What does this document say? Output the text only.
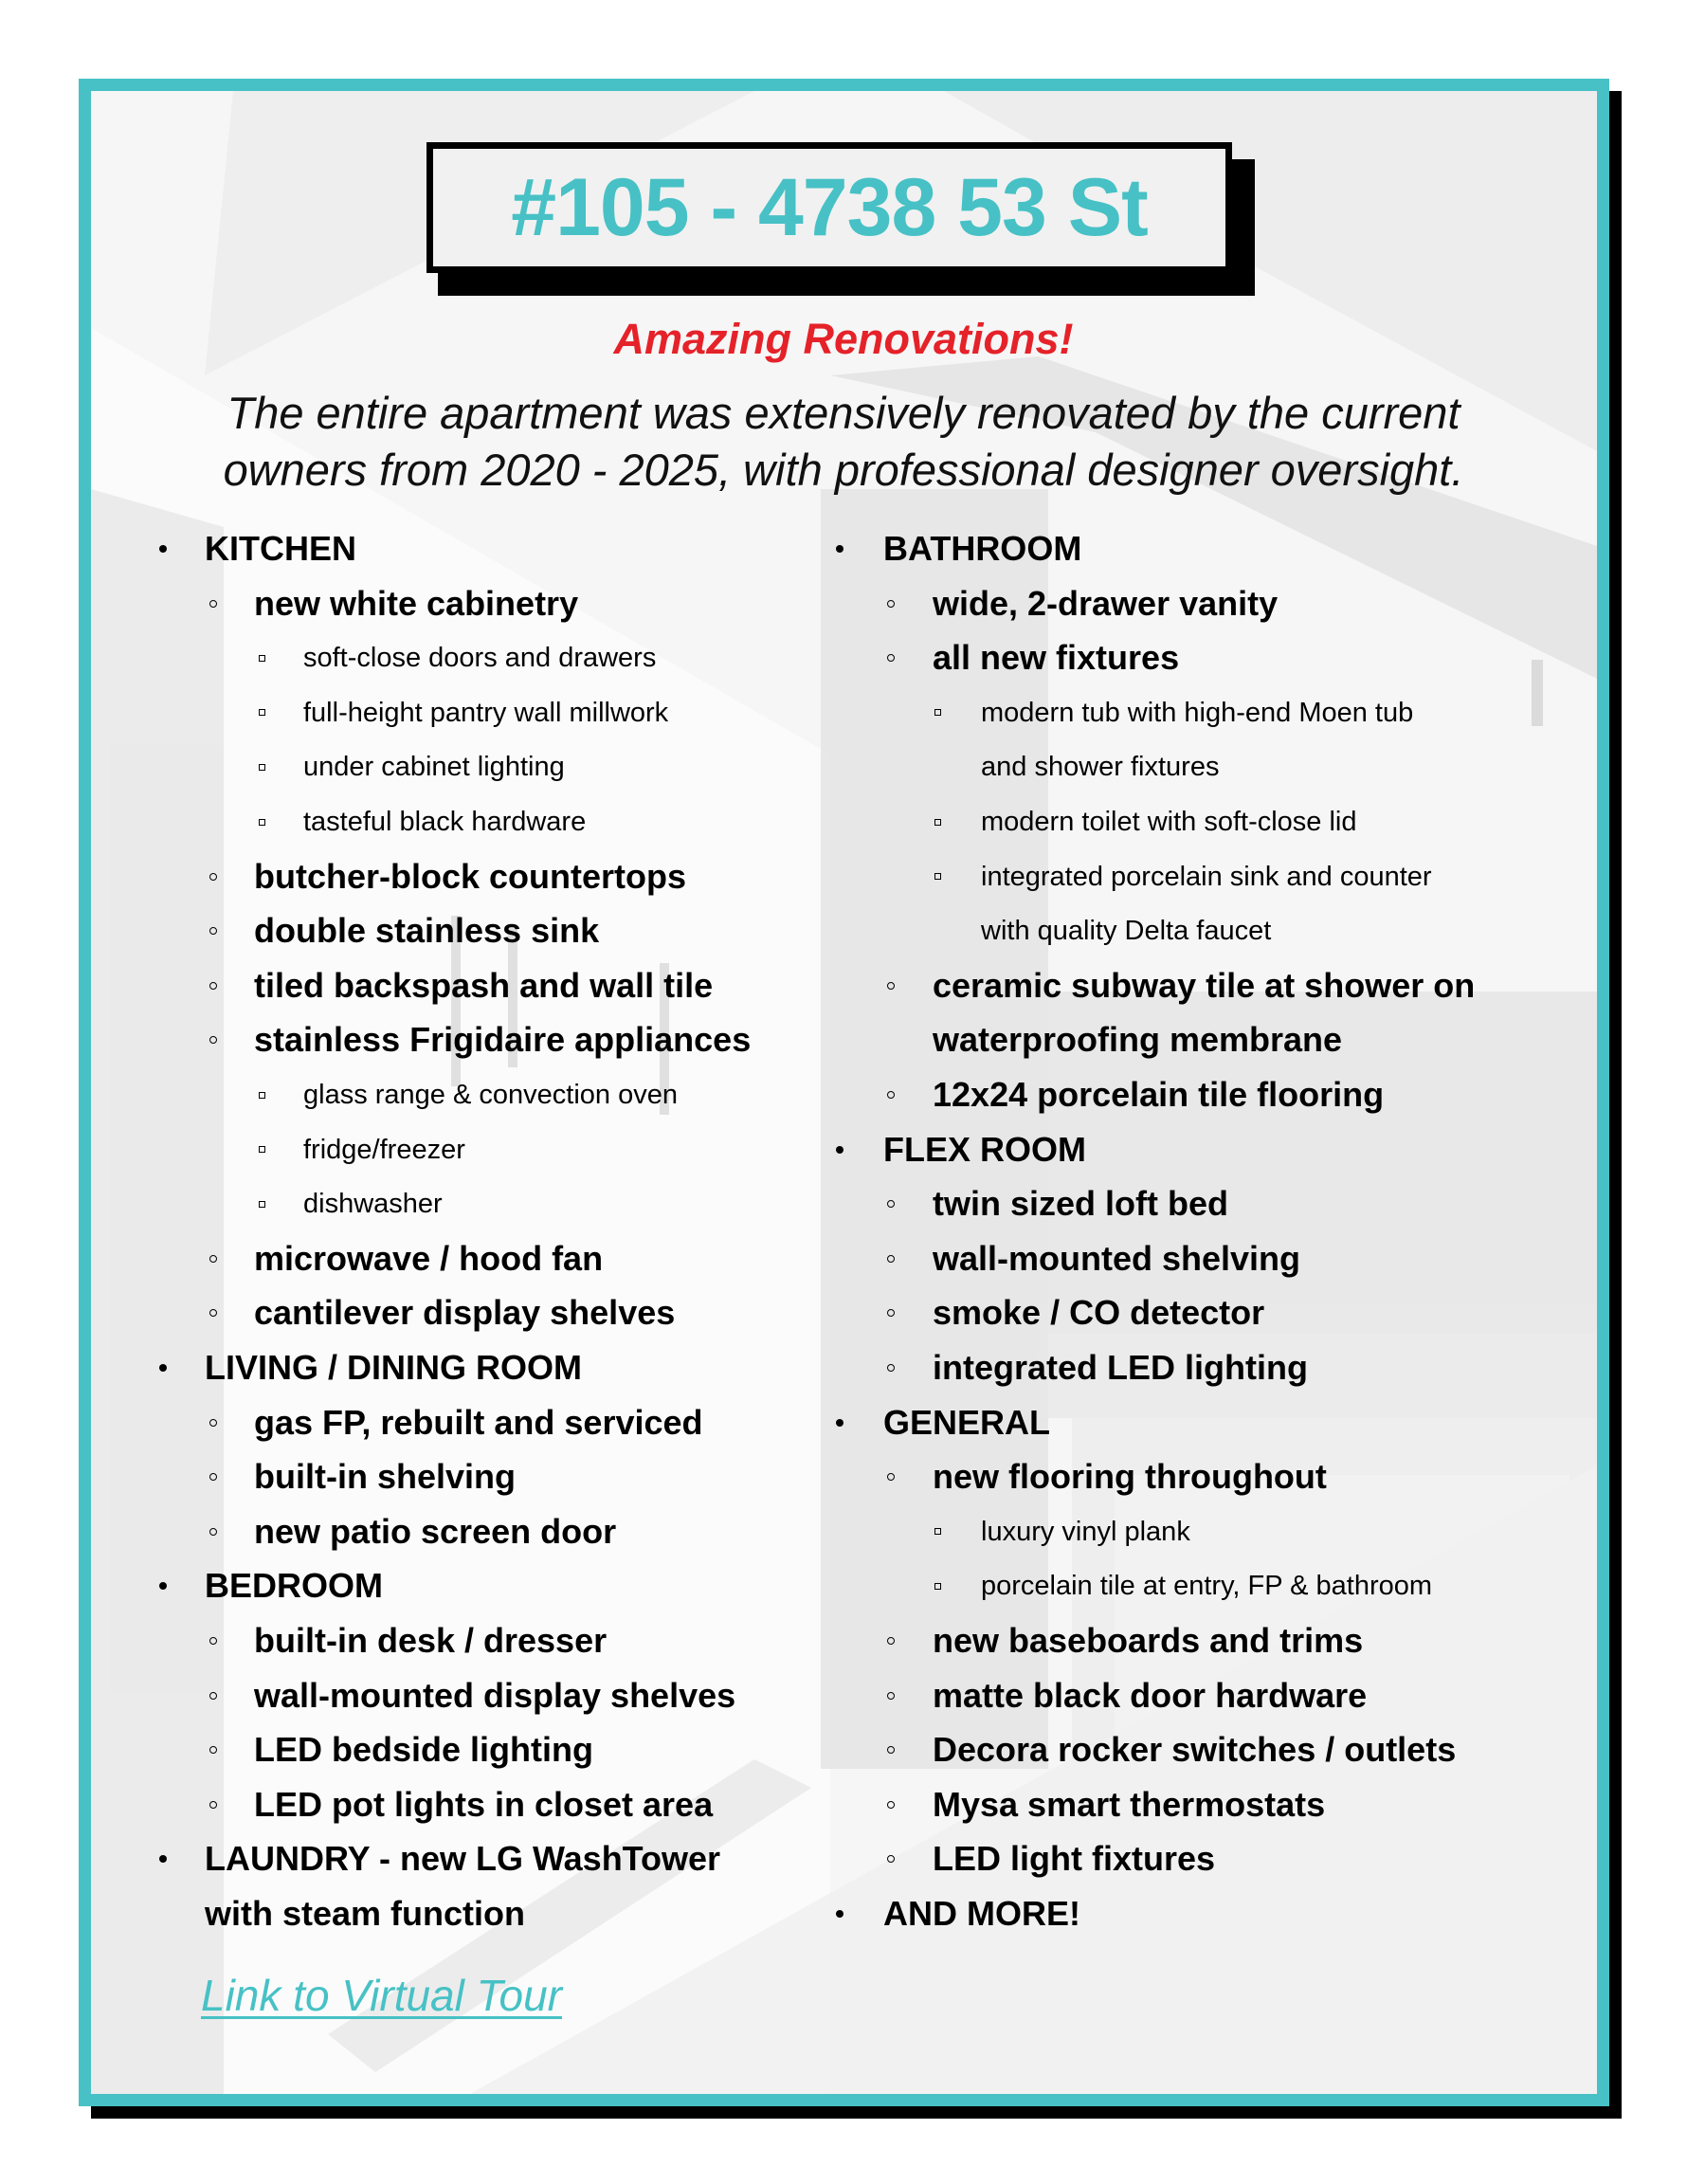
#105 - 4738 53 St
Amazing Renovations!
The entire apartment was extensively renovated by the current
owners from 2020 - 2025, with professional designer oversight.
KITCHEN
new white cabinetry
soft-close doors and drawers
full-height pantry wall millwork
under cabinet lighting
tasteful black hardware
butcher-block countertops
double stainless sink
tiled backspash and wall tile
stainless Frigidaire appliances
glass range & convection oven
fridge/freezer
dishwasher
microwave / hood fan
cantilever display shelves
LIVING / DINING ROOM
gas FP, rebuilt and serviced
built-in shelving
new patio screen door
BEDROOM
built-in desk / dresser
wall-mounted display shelves
LED bedside lighting
LED pot lights in closet area
LAUNDRY - new LG WashTower
with steam function
BATHROOM
wide, 2-drawer vanity
all new fixtures
modern tub with high-end Moen tub
and shower fixtures
modern toilet with soft-close lid
integrated porcelain sink and counter
with quality Delta faucet
ceramic subway tile at shower on
waterproofing membrane
12x24 porcelain tile flooring
FLEX ROOM
twin sized loft bed
wall-mounted shelving
smoke / CO detector
integrated LED lighting
GENERAL
new flooring throughout
luxury vinyl plank
porcelain tile at entry, FP & bathroom
new baseboards and trims
matte black door hardware
Decora rocker switches / outlets
Mysa smart thermostats
LED light fixtures
AND MORE!
Link to Virtual Tour
